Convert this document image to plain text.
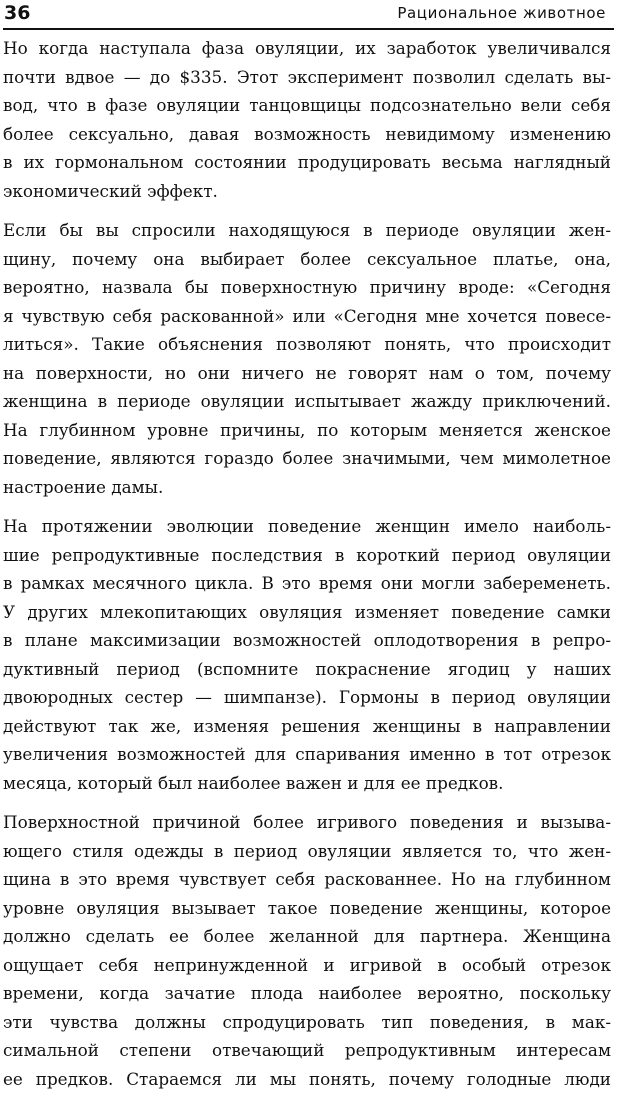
36	Рациональное животное
Но когда наступала фаза овуляции, их заработок увеличивался
почти вдвое — до $335. Этот эксперимент позволил сделать вы-
вод, что в фазе овуляции танцовщицы подсознательно вели себя
более сексуально, давая возможность невидимому изменению
в их гормональном состоянии продуцировать весьма наглядный
экономический эффект.
Если бы вы спросили находящуюся в периоде овуляции жен-
щину, почему она выбирает более сексуальное платье, она,
вероятно, назвала бы поверхностную причину вроде: «Сегодня
я чувствую себя раскованной» или «Сегодня мне хочется повесе-
литься». Такие объяснения позволяют понять, что происходит
на поверхности, но они ничего не говорят нам о том, почему
женщина в периоде овуляции испытывает жажду приключений.
На глубинном уровне причины, по которым меняется женское
поведение, являются гораздо более значимыми, чем мимолетное
настроение дамы.
На протяжении эволюции поведение женщин имело наиболь-
шие репродуктивные последствия в короткий период овуляции
в рамках месячного цикла. В это время они могли забеременеть.
У других млекопитающих овуляция изменяет поведение самки
в плане максимизации возможностей оплодотворения в репро-
дуктивный период (вспомните покраснение ягодиц у наших
двоюродных сестер — шимпанзе). Гормоны в период овуляции
действуют так же, изменяя решения женщины в направлении
увеличения возможностей для спаривания именно в тот отрезок
месяца, который был наиболее важен и для ее предков.
Поверхностной причиной более игривого поведения и вызыва-
ющего стиля одежды в период овуляции является то, что жен-
щина в это время чувствует себя раскованнее. Но на глубинном
уровне овуляция вызывает такое поведение женщины, которое
должно сделать ее более желанной для партнера. Женщина
ощущает себя непринужденной и игривой в особый отрезок
времени, когда зачатие плода наиболее вероятно, поскольку
эти чувства должны спродуцировать тип поведения, в мак-
симальной степени отвечающий репродуктивным интересам
ее предков. Стараемся ли мы понять, почему голодные люди
